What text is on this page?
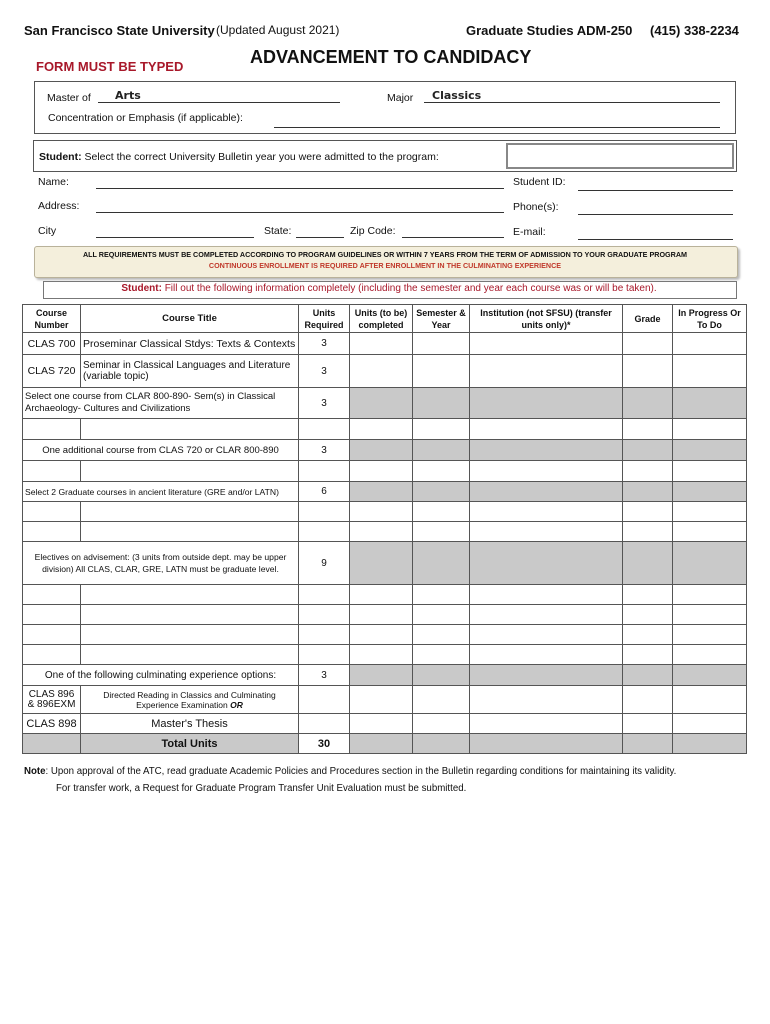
San Francisco State University (Updated August 2021)	Graduate Studies ADM-250 (415) 338-2234
FORM MUST BE TYPED	ADVANCEMENT TO CANDIDACY
Master of Arts	Major Classics
Concentration or Emphasis (if applicable):
Student: Select the correct University Bulletin year you were admitted to the program:
Name:	Student ID:
Address:	Phone(s):
City	State:	Zip Code:	E-mail:
ALL REQUIREMENTS MUST BE COMPLETED ACCORDING TO PROGRAM GUIDELINES OR WITHIN 7 YEARS FROM THE TERM OF ADMISSION TO YOUR GRADUATE PROGRAM
CONTINUOUS ENROLLMENT IS REQUIRED AFTER ENROLLMENT IN THE CULMINATING EXPERIENCE
Student: Fill out the following information completely (including the semester and year each course was or will be taken).
Course Number	Course Title	Units Required	Units (to be) completed	Semester & Year	Institution (not SFSU) (transfer units only)*	Grade	In Progress Or To Do
CLAS 700	Proseminar Classical Stdys: Texts & Contexts	3					
CLAS 720	Seminar in Classical Languages and Literature (variable topic)	3					
Select one course from CLAR 800-890- Sem(s) in Classical Archaeology- Cultures and Civilizations		3					

One additional course from CLAS 720 or CLAR 800-890		3					

Select 2 Graduate courses in ancient literature (GRE and/or LATN)		6					

Electives on advisement: (3 units from outside dept. may be upper division) All CLAS, CLAR, GRE, LATN must be graduate level.		9					

One of the following culminating experience options:		3					
CLAS 896 & 896EXM	Directed Reading in Classics and Culminating Experience Examination OR						
CLAS 898	Master's Thesis						
	Total Units	30					
Note: Upon approval of the ATC, read graduate Academic Policies and Procedures section in the Bulletin regarding conditions for maintaining its validity.
For transfer work, a Request for Graduate Program Transfer Unit Evaluation must be submitted.
